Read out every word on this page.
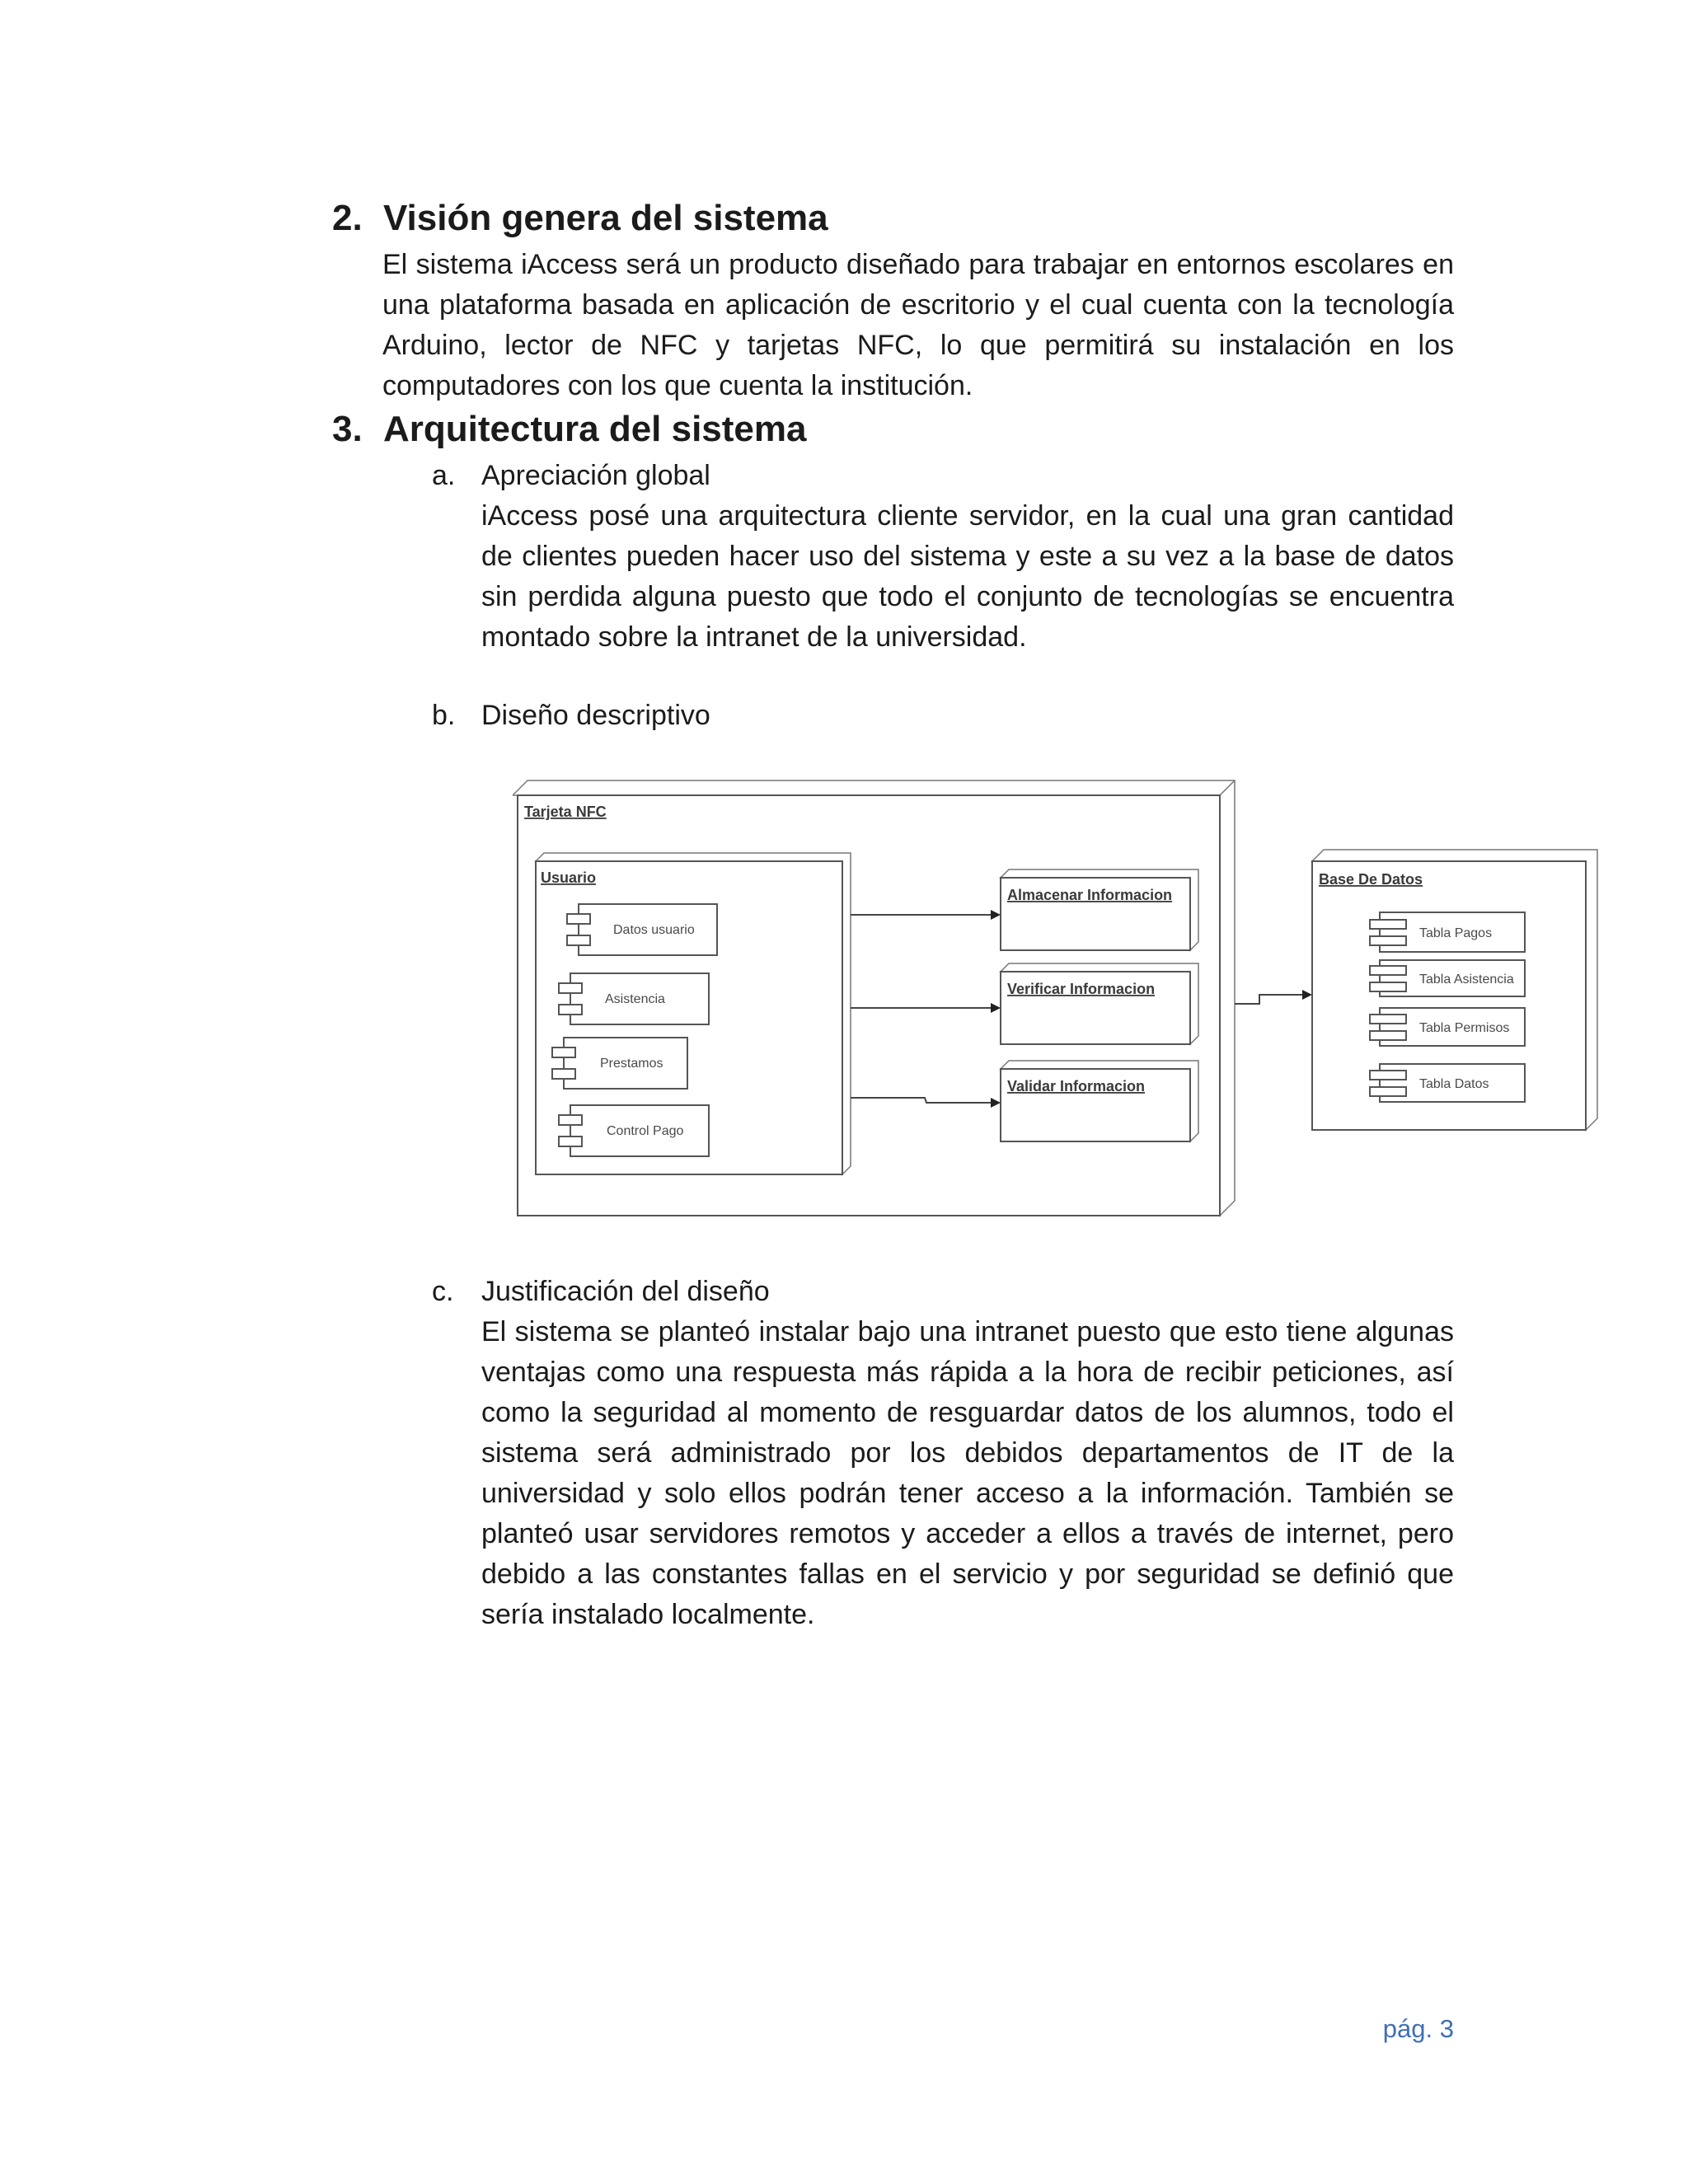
2. Visión genera del sistema

El sistema iAccess será un producto diseñado para trabajar en entornos escolares en una plataforma basada en aplicación de escritorio y el cual cuenta con la tecnología Arduino, lector de NFC y tarjetas NFC, lo que permitirá su instalación en los computadores con los que cuenta la institución.

3. Arquitectura del sistema

a. Apreciación global

iAccess posé una arquitectura cliente servidor, en la cual una gran cantidad de clientes pueden hacer uso del sistema y este a su vez a la base de datos sin perdida alguna puesto que todo el conjunto de tecnologías se encuentra montado sobre la intranet de la universidad.

b. Diseño descriptivo

Tarjeta NFC
Usuario
Datos usuario
Asistencia
Prestamos
Control Pago
Almacenar Informacion
Verificar Informacion
Validar Informacion
Base De Datos
Tabla Pagos
Tabla Asistencia
Tabla Permisos
Tabla Datos

c. Justificación del diseño

El sistema se planteó instalar bajo una intranet puesto que esto tiene algunas ventajas como una respuesta más rápida a la hora de recibir peticiones, así como la seguridad al momento de resguardar datos de los alumnos, todo el sistema será administrado por los debidos departamentos de IT de la universidad y solo ellos podrán tener acceso a la información. También se planteó usar servidores remotos y acceder a ellos a través de internet, pero debido a las constantes fallas en el servicio y por seguridad se definió que sería instalado localmente.

pág. 3
